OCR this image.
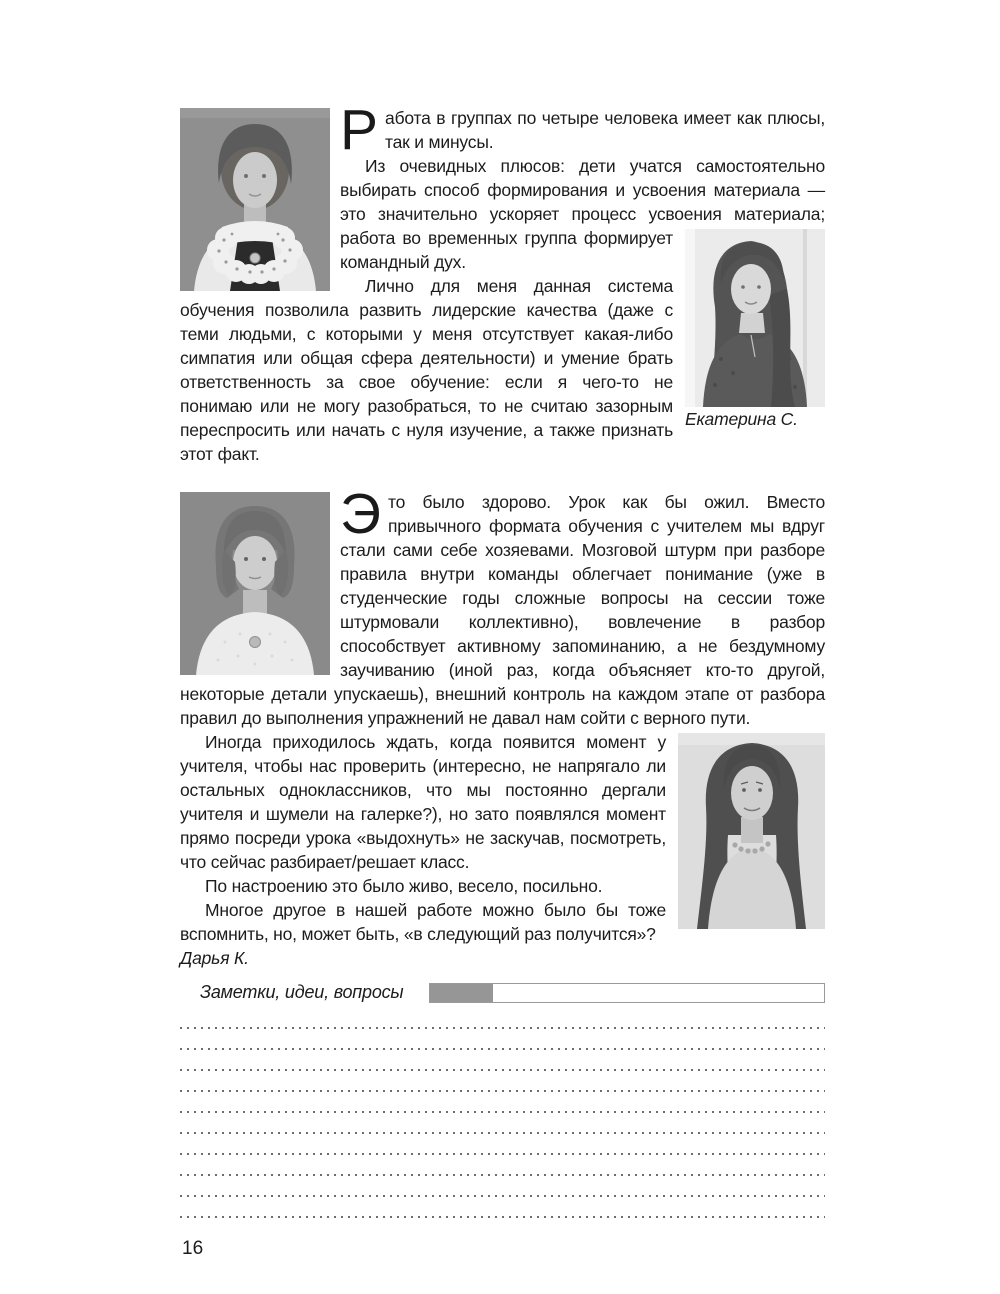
Работа в группах по четыре человека имеет как плюсы, так и минусы.

Из очевидных плюсов: дети учатся самостоятельно выбирать способ формирования и усвоения материала — это значительно ускоряет процесс усвоения материала;
Екатерина С.
работа во временных группа формирует командный дух.

Лично для меня данная система обучения позволила развить лидерские качества (даже с теми людьми, с которыми у меня отсутствует какая-либо симпатия или общая сфера деятельности) и умение брать ответственность за свое обучение: если я чего-то не понимаю или не могу разобраться, то не считаю зазорным переспросить или начать с нуля изучение, а также признать этот факт.

Это было здорово. Урок как бы ожил. Вместо привычного формата обучения с учителем мы вдруг стали сами себе хозяевами. Мозговой штурм при разборе правила внутри команды облегчает понимание (уже в студенческие годы сложные вопросы на сессии тоже штурмовали коллективно), вовлечение в разбор способствует активному запоминанию, а не бездумному заучиванию (иной раз, когда объясняет кто-то другой, некоторые детали упускаешь), внешний контроль на каждом этапе от разбора правил до выполнения упражнений не давал нам сойти с верного пути.

Иногда приходилось ждать, когда появится момент у учителя, чтобы нас проверить (интересно, не напрягало ли остальных одноклассников, что мы постоянно дергали учителя и шумели на галерке?), но зато появлялся момент прямо посреди урока «выдохнуть» не заскучав, посмотреть, что сейчас разбирает/решает класс.

По настроению это было живо, весело, посильно.

Многое другое в нашей работе можно было бы тоже вспомнить, но, может быть, «в следующий раз получится»?

Дарья К.

Заметки, идеи, вопросы
16
